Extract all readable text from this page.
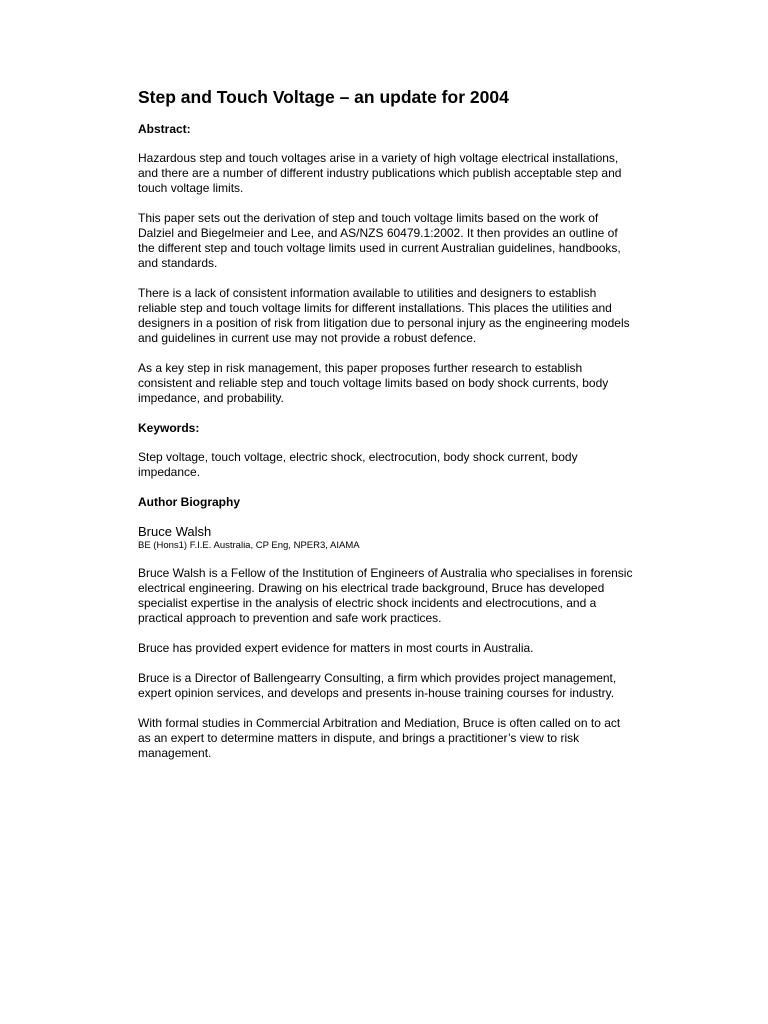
Step and Touch Voltage – an update for 2004
Abstract:

Hazardous step and touch voltages arise in a variety of high voltage electrical installations, and there are a number of different industry publications which publish acceptable step and touch voltage limits.

This paper sets out the derivation of step and touch voltage limits based on the work of Dalziel and Biegelmeier and Lee, and AS/NZS 60479.1:2002. It then provides an outline of the different step and touch voltage limits used in current Australian guidelines, handbooks, and standards.

There is a lack of consistent information available to utilities and designers to establish reliable step and touch voltage limits for different installations. This places the utilities and designers in a position of risk from litigation due to personal injury as the engineering models and guidelines in current use may not provide a robust defence.

As a key step in risk management, this paper proposes further research to establish consistent and reliable step and touch voltage limits based on body shock currents, body impedance, and probability.

Keywords:

Step voltage, touch voltage, electric shock, electrocution, body shock current, body impedance.

Author Biography

Bruce Walsh

BE (Hons1) F.I.E. Australia, CP Eng, NPER3, AIAMA

Bruce Walsh is a Fellow of the Institution of Engineers of Australia who specialises in forensic electrical engineering. Drawing on his electrical trade background, Bruce has developed specialist expertise in the analysis of electric shock incidents and electrocutions, and a practical approach to prevention and safe work practices.

Bruce has provided expert evidence for matters in most courts in Australia.

Bruce is a Director of Ballengearry Consulting, a firm which provides project management, expert opinion services, and develops and presents in-house training courses for industry.

With formal studies in Commercial Arbitration and Mediation, Bruce is often called on to act as an expert to determine matters in dispute, and brings a practitioner’s view to risk management.
